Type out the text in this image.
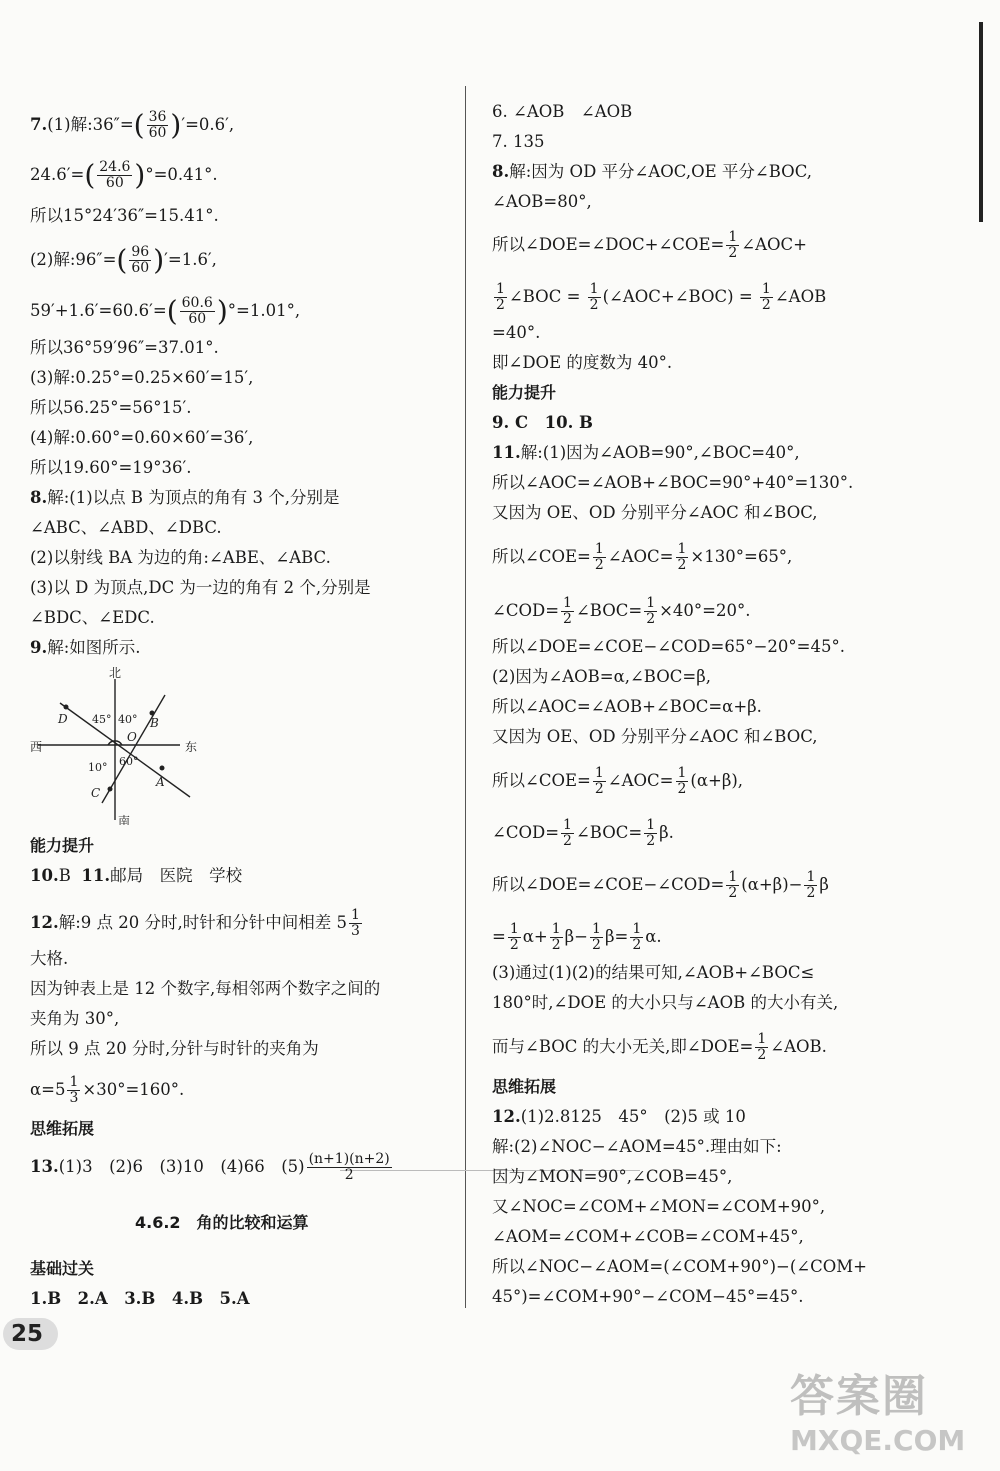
7.(1)解:36″=( $\frac{36}{60} )'=0.6'$,
$24.6'=( \frac{24.6}{60} )^\circ=0.41^\circ$.
所以15°24′36″=15.41°.
(2)解:96″=( $\frac{96}{60} )'=1.6'$,
$59'+1.6'=60.6'=( \frac{60.6}{60} )^\circ=1.01^\circ$,
所以36°59′96″=37.01°.
(3)解:0.25°=0.25×60′=15′,
所以56.25°=56°15′.
(4)解:0.60°=0.60×60′=36′,
所以19.60°=19°36′.
8.解:(1)以点 B 为顶点的角有 3 个,分别是
∠ABC、∠ABD、∠DBC.
(2)以射线 BA 为边的角:∠ABE、∠ABC.
(3)以 D 为顶点,DC 为一边的角有 2 个,分别是
∠BDC、∠EDC.
9.解:如图所示.
北
南
西	东
D	B
O
C
A
45° 40°
10° 60°
能力提升
10.B 11.邮局　医院　学校
12.解:9 点 20 分时,时针和分针中间相差 $5 \frac{1}{3}$
大格.
因为钟表上是 12 个数字,每相邻两个数字之间的
夹角为 30°,
所以 9 点 20 分时,分针与时针的夹角为
$\alpha=5 \frac{1}{3} \times 30^\circ=160^\circ$.
思维拓展
13.(1)3　(2)6　(3)10　(4)66　$(5) \frac{(n+1)(n+2)}{2}$
4.6.2　角的比较和运算
基础过关
1.B　2.A　3.B　4.B　5.A
6. ∠AOB　∠AOB
7. 135
8.解:因为 OD 平分∠AOC,OE 平分∠BOC,
∠AOB=80°,
所以∠DOE=∠DOC+∠COE= $\frac{1}{2}$ ∠AOC+
$\frac{1}{2}$ ∠BOC = $\frac{1}{2}$ (∠AOC+∠BOC) = $\frac{1}{2}$ ∠AOB
=40°.
即∠DOE 的度数为 40°.
能力提升
9. C　10. B
11.解:(1)因为∠AOB=90°,∠BOC=40°,
所以∠AOC=∠AOB+∠BOC=90°+40°=130°.
又因为 OE、OD 分别平分∠AOC 和∠BOC,
所以∠COE= $\frac{1}{2}$ ∠AOC= $\frac{1}{2} \times 130^\circ=65^\circ$,
∠COD= $\frac{1}{2}$ ∠BOC= $\frac{1}{2} \times 40^\circ=20^\circ$.
所以∠DOE=∠COE−∠COD=65°−20°=45°.
(2)因为∠AOB=α,∠BOC=β,
所以∠AOC=∠AOB+∠BOC=α+β.
又因为 OE、OD 分别平分∠AOC 和∠BOC,
所以∠COE= $\frac{1}{2}$ ∠AOC= $\frac{1}{2} (\alpha+\beta)$,
∠COD= $\frac{1}{2}$ ∠BOC= $\frac{1}{2} \beta$.
所以∠DOE=∠COE−∠COD= $\frac{1}{2} (\alpha+\beta)- \frac{1}{2}$ β
= $\frac{1}{2} \alpha+ \frac{1}{2} \beta- \frac{1}{2} \beta= \frac{1}{2} \alpha$.
(3)通过(1)(2)的结果可知,∠AOB+∠BOC≤
180°时,∠DOE 的大小只与∠AOB 的大小有关,
而与∠BOC 的大小无关,即∠DOE= $\frac{1}{2}$ ∠AOB.
思维拓展
12.(1)2.8125　45°　(2)5 或 10
解:(2)∠NOC−∠AOM=45°.理由如下:
因为∠MON=90°,∠COB=45°,
又∠NOC=∠COM+∠MON=∠COM+90°,
∠AOM=∠COM+∠COB=∠COM+45°,
所以∠NOC−∠AOM=(∠COM+90°)−(∠COM+
45°)=∠COM+90°−∠COM−45°=45°.
25
答案圈
MXQE.COM
